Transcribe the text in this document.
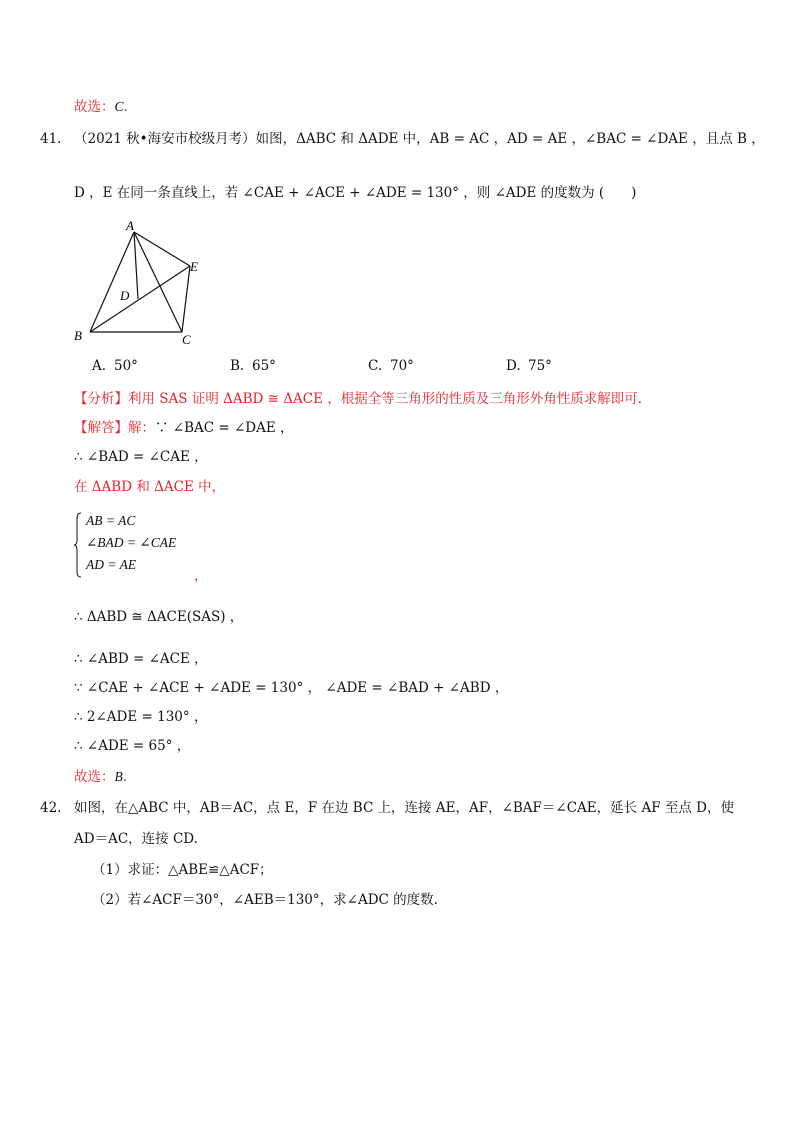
故选：C.
41. （2021 秋•海安市校级月考）如图，ΔABC 和 ΔADE 中，AB = AC ，AD = AE ，∠BAC = ∠DAE ，且点 B ，
D ，E 在同一条直线上，若 ∠CAE + ∠ACE + ∠ADE = 130° ，则 ∠ADE 的度数为 (　　)
A
B	C
D
E
A. 50°	B. 65°	C. 70°	D. 75°
【分析】利用 SAS 证明 ΔABD ≅ ΔACE ，根据全等三角形的性质及三角形外角性质求解即可.
【解答】解：∵ ∠BAC = ∠DAE ，
∴ ∠BAD = ∠CAE ，
在 ΔABD 和 ΔACE 中，
AB = AC
∠BAD = ∠CAE
AD = AE
，
∴ ΔABD ≅ ΔACE(SAS) ，
∴ ∠ABD = ∠ACE ，
∵ ∠CAE + ∠ACE + ∠ADE = 130° ， ∠ADE = ∠BAD + ∠ABD ，
∴ 2∠ADE = 130° ，
∴ ∠ADE = 65° ，
故选：B.
42. 如图，在△ABC 中，AB＝AC，点 E，F 在边 BC 上，连接 AE，AF，∠BAF＝∠CAE，延长 AF 至点 D，使
AD＝AC，连接 CD.
（1）求证：△ABE≌△ACF；
（2）若∠ACF＝30°，∠AEB＝130°，求∠ADC 的度数.
